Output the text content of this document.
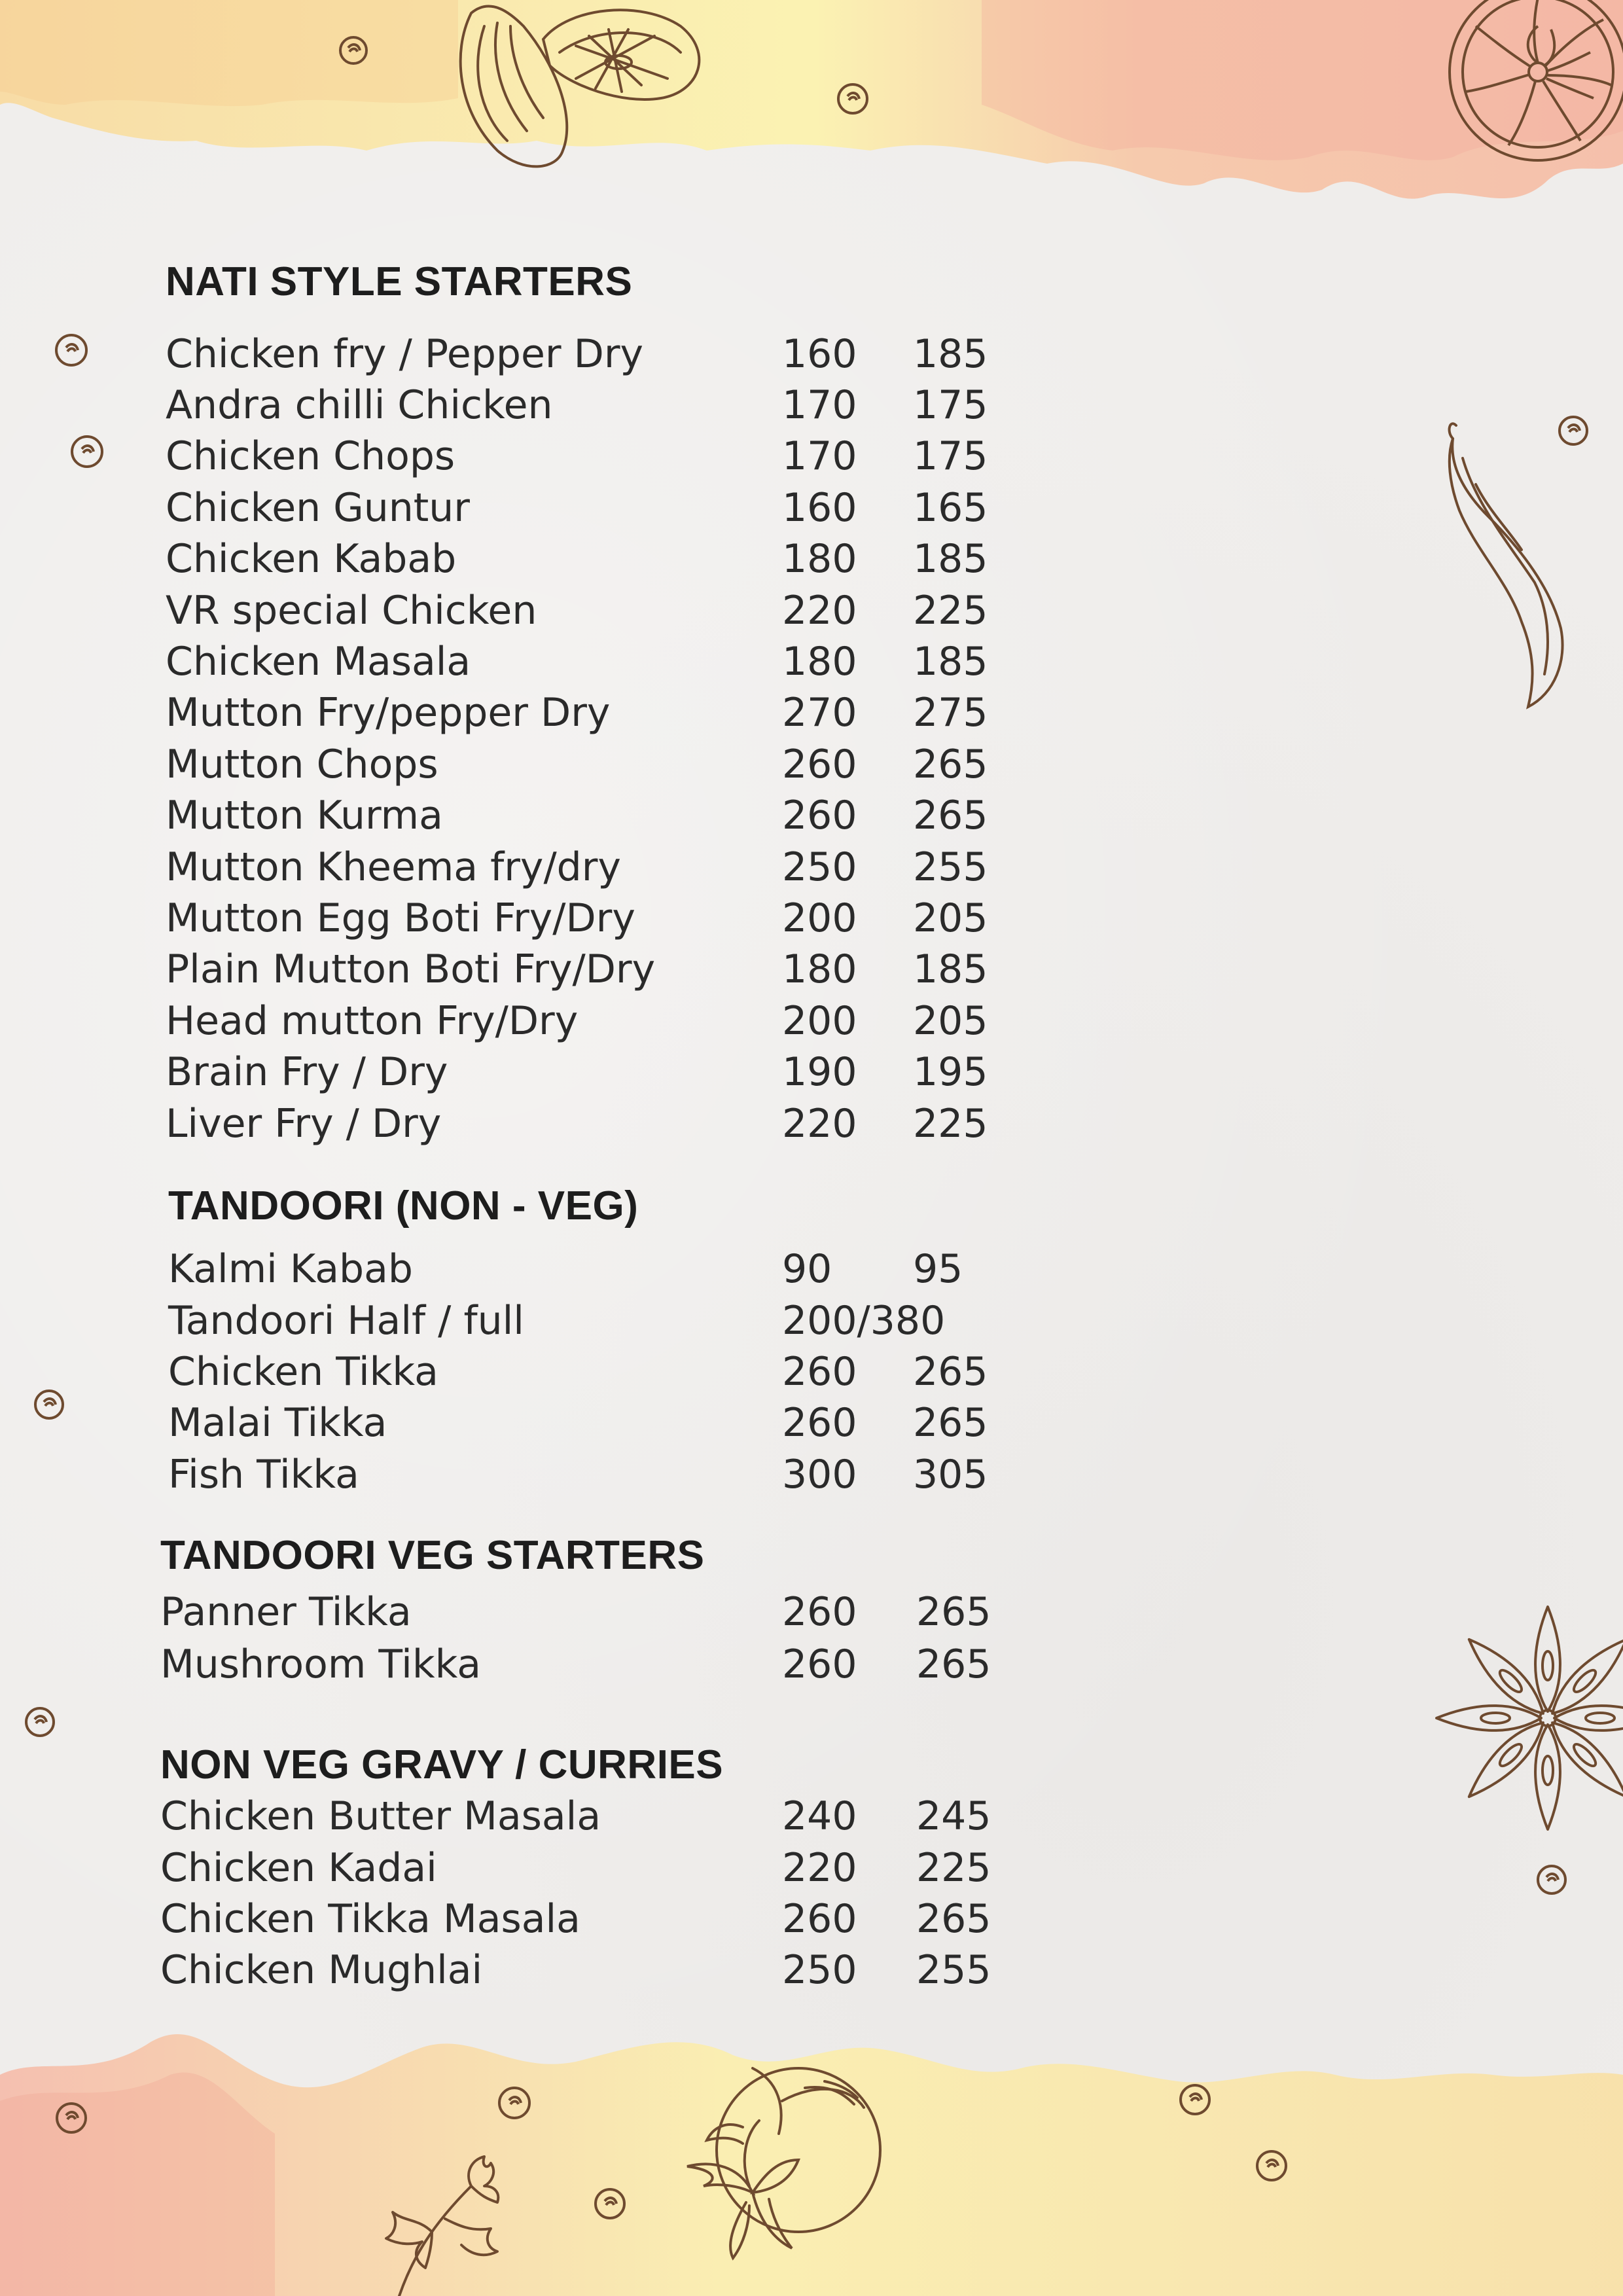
NATI STYLE STARTERS
Chicken fry / Pepper Dry	160 185
Andra chilli Chicken	170 175
Chicken Chops	170 175
Chicken Guntur	160 165
Chicken Kabab	180 185
VR special Chicken	220 225
Chicken Masala	180 185
Mutton Fry/pepper Dry	270 275
Mutton Chops	260 265
Mutton Kurma	260 265
Mutton Kheema fry/dry	250 255
Mutton Egg Boti Fry/Dry	200 205
Plain Mutton Boti Fry/Dry	180 185
Head mutton Fry/Dry	200 205
Brain Fry / Dry	190 195
Liver Fry / Dry	220 225
TANDOORI (NON - VEG)
Kalmi Kabab	90 95
Tandoori Half / full	200/380
Chicken Tikka	260 265
Malai Tikka	260 265
Fish Tikka	300 305
TANDOORI VEG STARTERS
Panner Tikka	260 265
Mushroom Tikka	260 265
NON VEG GRAVY / CURRIES
Chicken Butter Masala	240 245
Chicken Kadai	220 225
Chicken Tikka Masala	260 265
Chicken Mughlai	250 255
